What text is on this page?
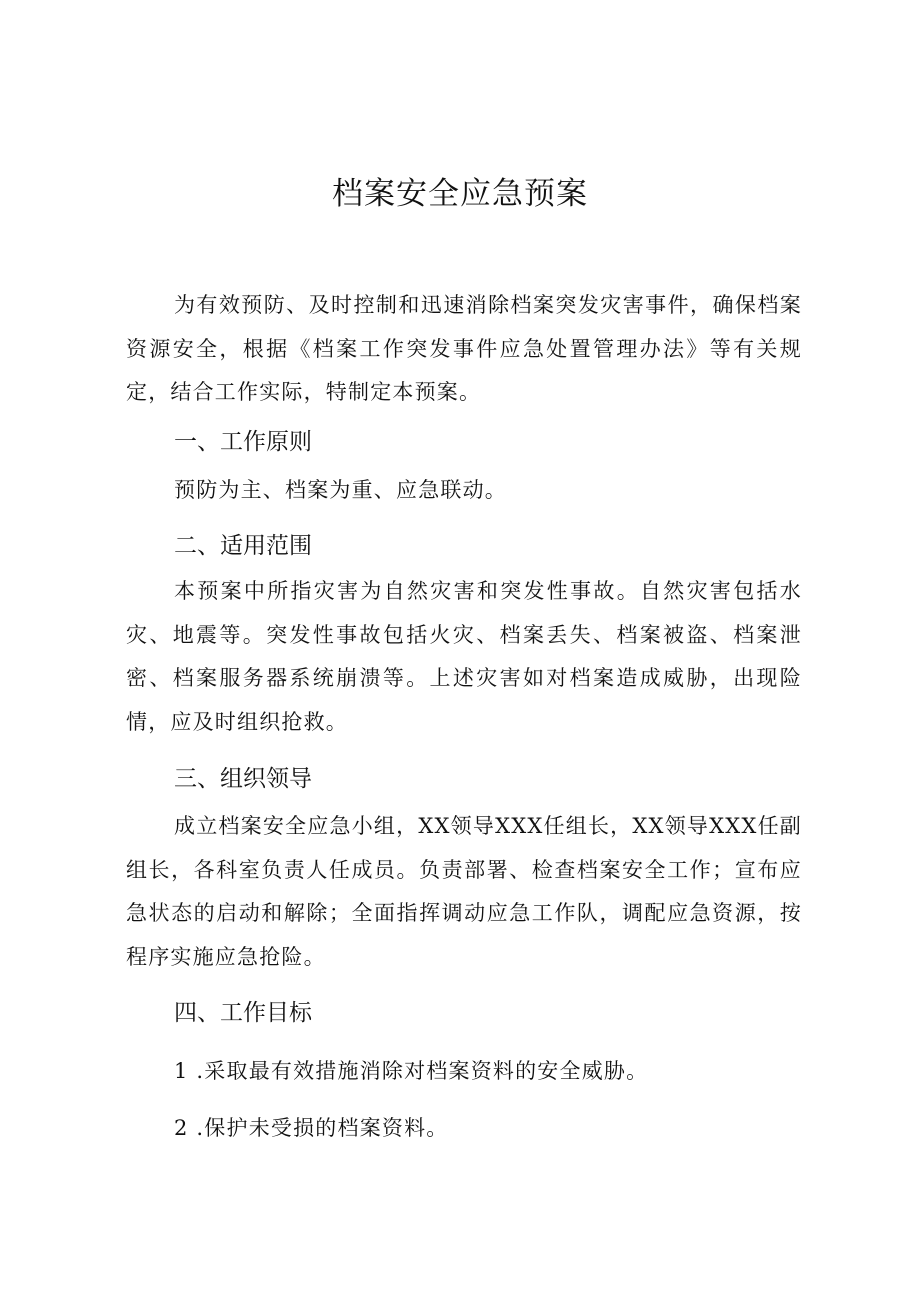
档案安全应急预案

为有效预防、及时控制和迅速消除档案突发灾害事件，确保档案资源安全，根据《档案工作突发事件应急处置管理办法》等有关规定，结合工作实际，特制定本预案。

一、工作原则

预防为主、档案为重、应急联动。

二、适用范围

本预案中所指灾害为自然灾害和突发性事故。自然灾害包括水灾、地震等。突发性事故包括火灾、档案丢失、档案被盗、档案泄密、档案服务器系统崩溃等。上述灾害如对档案造成威胁，出现险情，应及时组织抢救。

三、组织领导

成立档案安全应急小组，XX领导XXX任组长，XX领导XXX任副组长，各科室负责人任成员。负责部署、检查档案安全工作；宣布应急状态的启动和解除；全面指挥调动应急工作队，调配应急资源，按程序实施应急抢险。

四、工作目标

1 .采取最有效措施消除对档案资料的安全威胁。

2 .保护未受损的档案资料。
